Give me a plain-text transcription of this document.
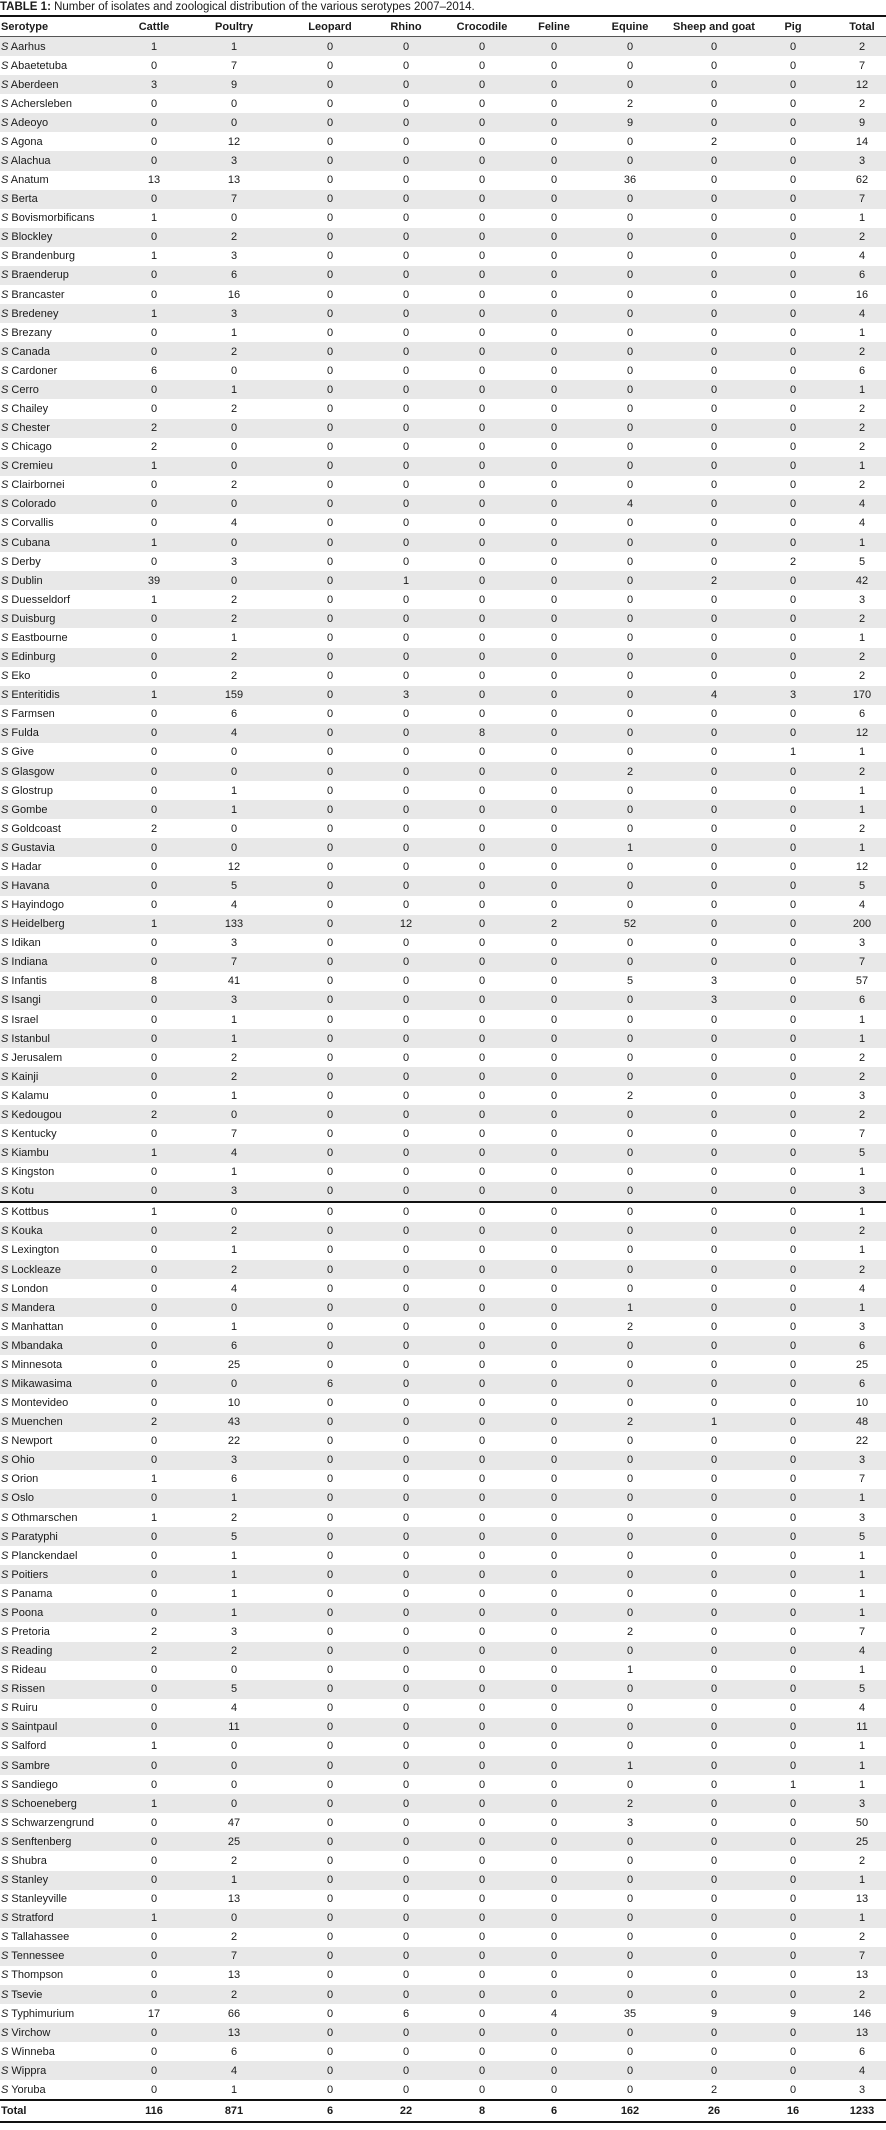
TABLE 1: Number of isolates and zoological distribution of the various serotypes 2007–2014.
Serotype	Cattle	Poultry	Leopard	Rhino	Crocodile	Feline	Equine	Sheep and goat	Pig	Total
S Aarhus	1	1	0	0	0	0	0	0	0	2
S Abaetetuba	0	7	0	0	0	0	0	0	0	7
S Aberdeen	3	9	0	0	0	0	0	0	0	12
S Achersleben	0	0	0	0	0	0	2	0	0	2
S Adeoyo	0	0	0	0	0	0	9	0	0	9
S Agona	0	12	0	0	0	0	0	2	0	14
S Alachua	0	3	0	0	0	0	0	0	0	3
S Anatum	13	13	0	0	0	0	36	0	0	62
S Berta	0	7	0	0	0	0	0	0	0	7
S Bovismorbificans	1	0	0	0	0	0	0	0	0	1
S Blockley	0	2	0	0	0	0	0	0	0	2
S Brandenburg	1	3	0	0	0	0	0	0	0	4
S Braenderup	0	6	0	0	0	0	0	0	0	6
S Brancaster	0	16	0	0	0	0	0	0	0	16
S Bredeney	1	3	0	0	0	0	0	0	0	4
S Brezany	0	1	0	0	0	0	0	0	0	1
S Canada	0	2	0	0	0	0	0	0	0	2
S Cardoner	6	0	0	0	0	0	0	0	0	6
S Cerro	0	1	0	0	0	0	0	0	0	1
S Chailey	0	2	0	0	0	0	0	0	0	2
S Chester	2	0	0	0	0	0	0	0	0	2
S Chicago	2	0	0	0	0	0	0	0	0	2
S Cremieu	1	0	0	0	0	0	0	0	0	1
S Clairbornei	0	2	0	0	0	0	0	0	0	2
S Colorado	0	0	0	0	0	0	4	0	0	4
S Corvallis	0	4	0	0	0	0	0	0	0	4
S Cubana	1	0	0	0	0	0	0	0	0	1
S Derby	0	3	0	0	0	0	0	0	2	5
S Dublin	39	0	0	1	0	0	0	2	0	42
S Duesseldorf	1	2	0	0	0	0	0	0	0	3
S Duisburg	0	2	0	0	0	0	0	0	0	2
S Eastbourne	0	1	0	0	0	0	0	0	0	1
S Edinburg	0	2	0	0	0	0	0	0	0	2
S Eko	0	2	0	0	0	0	0	0	0	2
S Enteritidis	1	159	0	3	0	0	0	4	3	170
S Farmsen	0	6	0	0	0	0	0	0	0	6
S Fulda	0	4	0	0	8	0	0	0	0	12
S Give	0	0	0	0	0	0	0	0	1	1
S Glasgow	0	0	0	0	0	0	2	0	0	2
S Glostrup	0	1	0	0	0	0	0	0	0	1
S Gombe	0	1	0	0	0	0	0	0	0	1
S Goldcoast	2	0	0	0	0	0	0	0	0	2
S Gustavia	0	0	0	0	0	0	1	0	0	1
S Hadar	0	12	0	0	0	0	0	0	0	12
S Havana	0	5	0	0	0	0	0	0	0	5
S Hayindogo	0	4	0	0	0	0	0	0	0	4
S Heidelberg	1	133	0	12	0	2	52	0	0	200
S Idikan	0	3	0	0	0	0	0	0	0	3
S Indiana	0	7	0	0	0	0	0	0	0	7
S Infantis	8	41	0	0	0	0	5	3	0	57
S Isangi	0	3	0	0	0	0	0	3	0	6
S Israel	0	1	0	0	0	0	0	0	0	1
S Istanbul	0	1	0	0	0	0	0	0	0	1
S Jerusalem	0	2	0	0	0	0	0	0	0	2
S Kainji	0	2	0	0	0	0	0	0	0	2
S Kalamu	0	1	0	0	0	0	2	0	0	3
S Kedougou	2	0	0	0	0	0	0	0	0	2
S Kentucky	0	7	0	0	0	0	0	0	0	7
S Kiambu	1	4	0	0	0	0	0	0	0	5
S Kingston	0	1	0	0	0	0	0	0	0	1
S Kotu	0	3	0	0	0	0	0	0	0	3
S Kottbus	1	0	0	0	0	0	0	0	0	1
S Kouka	0	2	0	0	0	0	0	0	0	2
S Lexington	0	1	0	0	0	0	0	0	0	1
S Lockleaze	0	2	0	0	0	0	0	0	0	2
S London	0	4	0	0	0	0	0	0	0	4
S Mandera	0	0	0	0	0	0	1	0	0	1
S Manhattan	0	1	0	0	0	0	2	0	0	3
S Mbandaka	0	6	0	0	0	0	0	0	0	6
S Minnesota	0	25	0	0	0	0	0	0	0	25
S Mikawasima	0	0	6	0	0	0	0	0	0	6
S Montevideo	0	10	0	0	0	0	0	0	0	10
S Muenchen	2	43	0	0	0	0	2	1	0	48
S Newport	0	22	0	0	0	0	0	0	0	22
S Ohio	0	3	0	0	0	0	0	0	0	3
S Orion	1	6	0	0	0	0	0	0	0	7
S Oslo	0	1	0	0	0	0	0	0	0	1
S Othmarschen	1	2	0	0	0	0	0	0	0	3
S Paratyphi	0	5	0	0	0	0	0	0	0	5
S Planckendael	0	1	0	0	0	0	0	0	0	1
S Poitiers	0	1	0	0	0	0	0	0	0	1
S Panama	0	1	0	0	0	0	0	0	0	1
S Poona	0	1	0	0	0	0	0	0	0	1
S Pretoria	2	3	0	0	0	0	2	0	0	7
S Reading	2	2	0	0	0	0	0	0	0	4
S Rideau	0	0	0	0	0	0	1	0	0	1
S Rissen	0	5	0	0	0	0	0	0	0	5
S Ruiru	0	4	0	0	0	0	0	0	0	4
S Saintpaul	0	11	0	0	0	0	0	0	0	11
S Salford	1	0	0	0	0	0	0	0	0	1
S Sambre	0	0	0	0	0	0	1	0	0	1
S Sandiego	0	0	0	0	0	0	0	0	1	1
S Schoeneberg	1	0	0	0	0	0	2	0	0	3
S Schwarzengrund	0	47	0	0	0	0	3	0	0	50
S Senftenberg	0	25	0	0	0	0	0	0	0	25
S Shubra	0	2	0	0	0	0	0	0	0	2
S Stanley	0	1	0	0	0	0	0	0	0	1
S Stanleyville	0	13	0	0	0	0	0	0	0	13
S Stratford	1	0	0	0	0	0	0	0	0	1
S Tallahassee	0	2	0	0	0	0	0	0	0	2
S Tennessee	0	7	0	0	0	0	0	0	0	7
S Thompson	0	13	0	0	0	0	0	0	0	13
S Tsevie	0	2	0	0	0	0	0	0	0	2
S Typhimurium	17	66	0	6	0	4	35	9	9	146
S Virchow	0	13	0	0	0	0	0	0	0	13
S Winneba	0	6	0	0	0	0	0	0	0	6
S Wippra	0	4	0	0	0	0	0	0	0	4
S Yoruba	0	1	0	0	0	0	0	2	0	3
Total	116	871	6	22	8	6	162	26	16	1233
